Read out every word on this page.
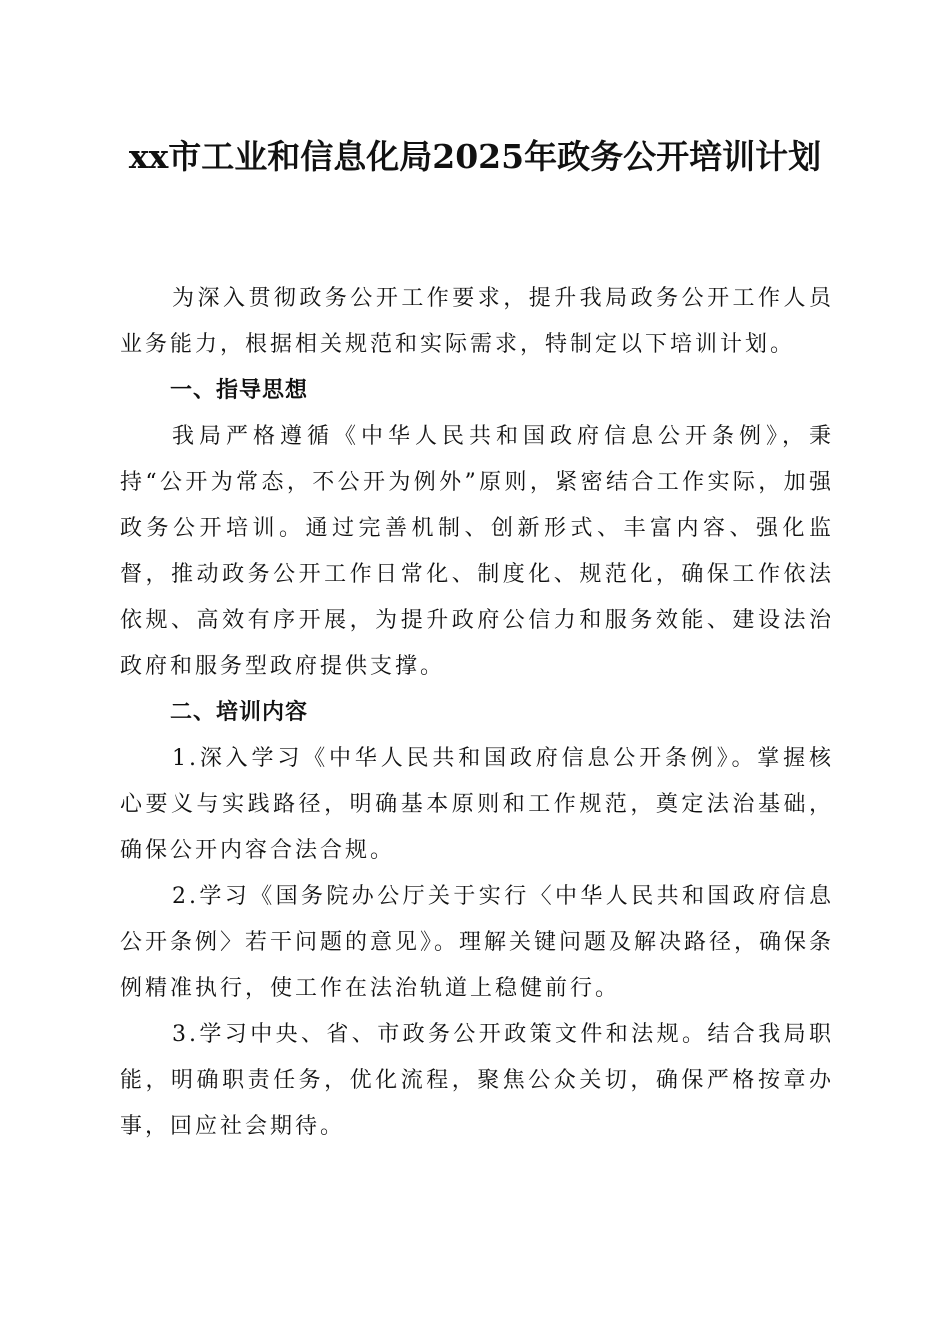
xx市工业和信息化局2025年政务公开培训计划

为深入贯彻政务公开工作要求，提升我局政务公开工作人员业务能力，根据相关规范和实际需求，特制定以下培训计划。

一、指导思想

我局严格遵循《中华人民共和国政府信息公开条例》，秉持“公开为常态，不公开为例外”原则，紧密结合工作实际，加强政务公开培训。通过完善机制、创新形式、丰富内容、强化监督，推动政务公开工作日常化、制度化、规范化，确保工作依法依规、高效有序开展，为提升政府公信力和服务效能、建设法治政府和服务型政府提供支撑。

二、培训内容

1.深入学习《中华人民共和国政府信息公开条例》。掌握核心要义与实践路径，明确基本原则和工作规范，奠定法治基础，确保公开内容合法合规。

2.学习《国务院办公厅关于实行〈中华人民共和国政府信息公开条例〉若干问题的意见》。理解关键问题及解决路径，确保条例精准执行，使工作在法治轨道上稳健前行。

3.学习中央、省、市政务公开政策文件和法规。结合我局职能，明确职责任务，优化流程，聚焦公众关切，确保严格按章办事，回应社会期待。
